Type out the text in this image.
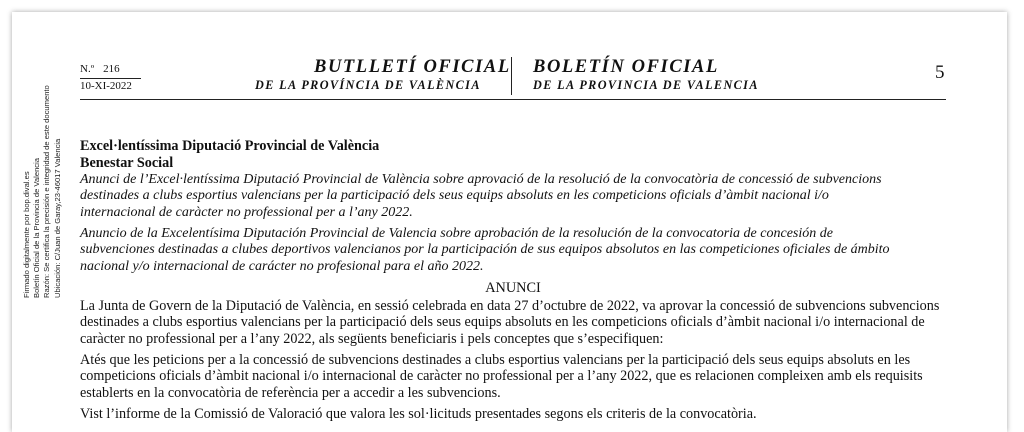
Firmado digitalmente por bop.dival.es Boletín Oficial de la Provincia de Valencia Razón: Se certifica la precisión e integridad de este documento Ubicación: C/Juan de Garay,23-46017 Valencia
N.º 216
10-XI-2022
BUTLLETÍ OFICIAL
DE LA PROVÍNCIA DE VALÈNCIA
BOLETÍN OFICIAL
DE LA PROVINCIA DE VALENCIA
5
Excel·lentíssima Diputació Provincial de València
Benestar Social
Anunci de l’Excel·lentíssima Diputació Provincial de València sobre aprovació de la resolució de la convocatòria de concessió de subvencions destinades a clubs esportius valencians per la participació dels seus equips absoluts en les competicions oficials d’àmbit nacional i/o internacional de caràcter no professional per a l’any 2022.
Anuncio de la Excelentísima Diputación Provincial de Valencia sobre aprobación de la resolución de la convocatoria de concesión de subvenciones destinadas a clubes deportivos valencianos por la participación de sus equipos absolutos en las competiciones oficiales de ámbito nacional y/o internacional de carácter no profesional para el año 2022.
ANUNCI
La Junta de Govern de la Diputació de València, en sessió celebrada en data 27 d’octubre de 2022, va aprovar la concessió de subvencions subvencions destinades a clubs esportius valencians per la participació dels seus equips absoluts en les competicions oficials d’àmbit nacional i/o internacional de caràcter no professional per a l’any 2022, als següents beneficiaris i pels conceptes que s’especifiquen:
Atés que les peticions per a la concessió de subvencions destinades a clubs esportius valencians per la participació dels seus equips absoluts en les competicions oficials d’àmbit nacional i/o internacional de caràcter no professional per a l’any 2022, que es relacionen compleixen amb els requisits establerts en la convocatòria de referència per a accedir a les subvencions.
Vist l’informe de la Comissió de Valoració que valora les sol·licituds presentades segons els criteris de la convocatòria.
